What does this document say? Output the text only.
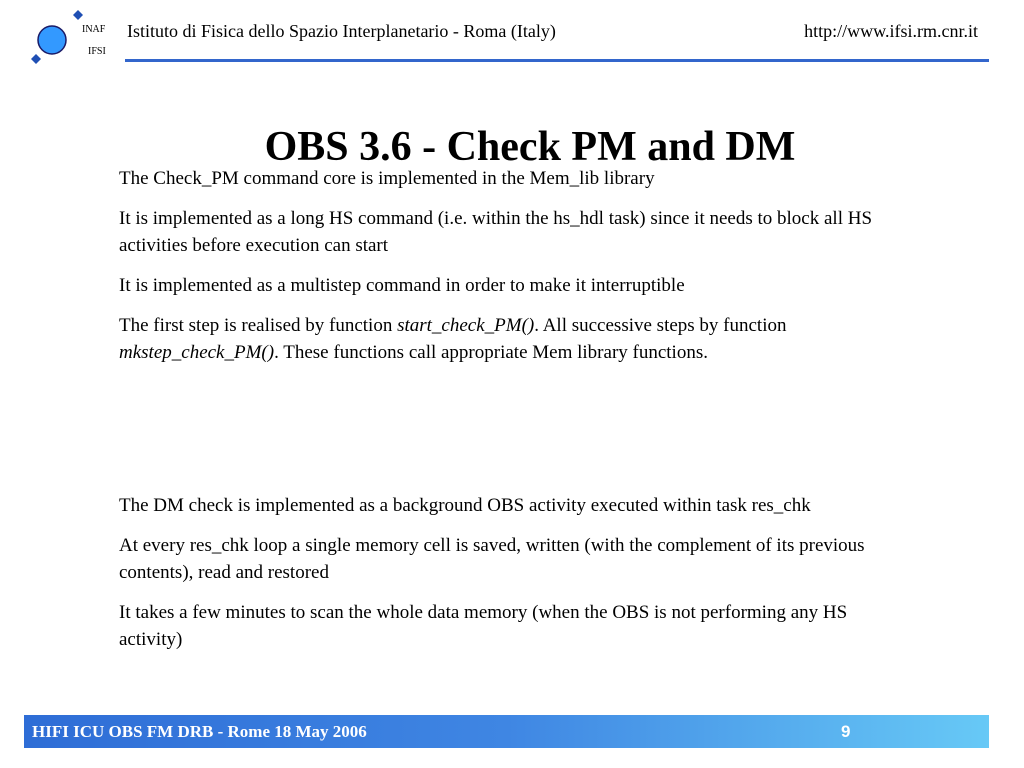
INAF
IFSI
Istituto di Fisica dello Spazio Interplanetario - Roma (Italy)	http://www.ifsi.rm.cnr.it
OBS 3.6 - Check PM and DM

The Check_PM command core is implemented in the Mem_lib library

It is implemented as a long HS command (i.e. within the hs_hdl task) since it needs to block all HS activities before execution can start

It is implemented as a multistep command in order to make it interruptible

The first step is realised by function start_check_PM(). All successive steps by function mkstep_check_PM(). These functions call appropriate Mem library functions.

The DM check is implemented as a background OBS activity executed within task res_chk

At every res_chk loop a single memory cell is saved, written (with the complement of its previous contents), read and restored

It takes a few minutes to scan the whole data memory (when the OBS is not performing any HS activity)

HIFI ICU OBS FM DRB - Rome 18 May 2006	9
